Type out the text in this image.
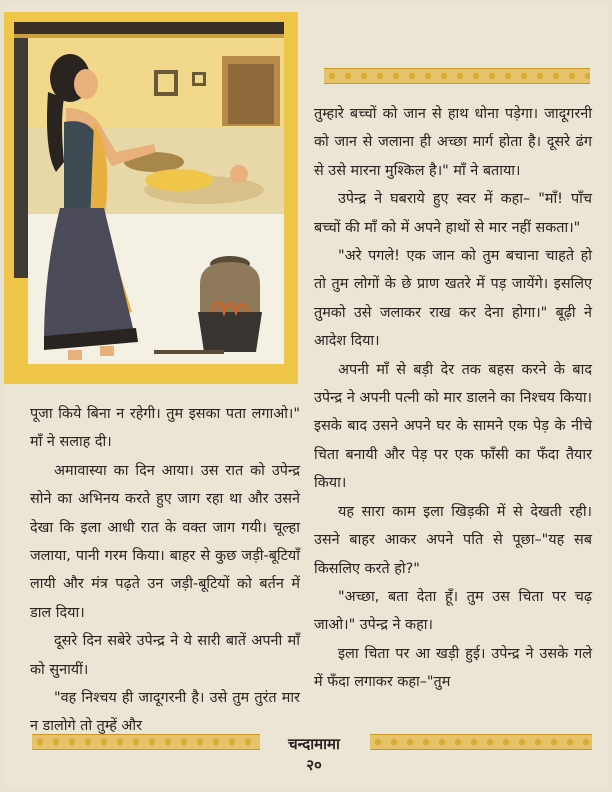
तुम्हारे बच्चों को जान से हाथ धोना पड़ेगा। जादूगरनी को जान से जलाना ही अच्छा मार्ग होता है। दूसरे ढंग से उसे मारना मुश्किल है।" माँ ने बताया।

उपेन्द्र ने घबराये हुए स्वर में कहा– "माँ! पाँच बच्चों की माँ को में अपने हाथों से मार नहीं सकता।"

"अरे पगले! एक जान को तुम बचाना चाहते हो तो तुम लोगों के छे प्राण खतरे में पड़ जायेंगे। इसलिए तुमको उसे जलाकर राख कर देना होगा।" बूढ़ी ने आदेश दिया।

अपनी माँ से बड़ी देर तक बहस करने के बाद उपेन्द्र ने अपनी पत्नी को मार डालने का निश्चय किया। इसके बाद उसने अपने घर के सामने एक पेड़ के नीचे चिता बनायी और पेड़ पर एक फाँसी का फँदा तैयार किया।

यह सारा काम इला खिड़की में से देखती रही। उसने बाहर आकर अपने पति से पूछा–"यह सब किसलिए करते हो?"

"अच्छा, बता देता हूँ। तुम उस चिता पर चढ़ जाओ।" उपेन्द्र ने कहा।

इला चिता पर आ खड़ी हुई। उपेन्द्र ने उसके गले में फँदा लगाकर कहा–"तुम

पूजा किये बिना न रहेगी। तुम इसका पता लगाओ।" माँ ने सलाह दी।

अमावास्या का दिन आया। उस रात को उपेन्द्र सोने का अभिनय करते हुए जाग रहा था और उसने देखा कि इला आधी रात के वक्त जाग गयी। चूल्हा जलाया, पानी गरम किया। बाहर से कुछ जड़ी-बूटियाँ लायी और मंत्र पढ़ते उन जड़ी-बूटियों को बर्तन में डाल दिया।

दूसरे दिन सबेरे उपेन्द्र ने ये सारी बातें अपनी माँ को सुनायीं।

"वह निश्चय ही जादूगरनी है। उसे तुम तुरंत मार न डालोगे तो तुम्हें और

चन्दामामा
२०
